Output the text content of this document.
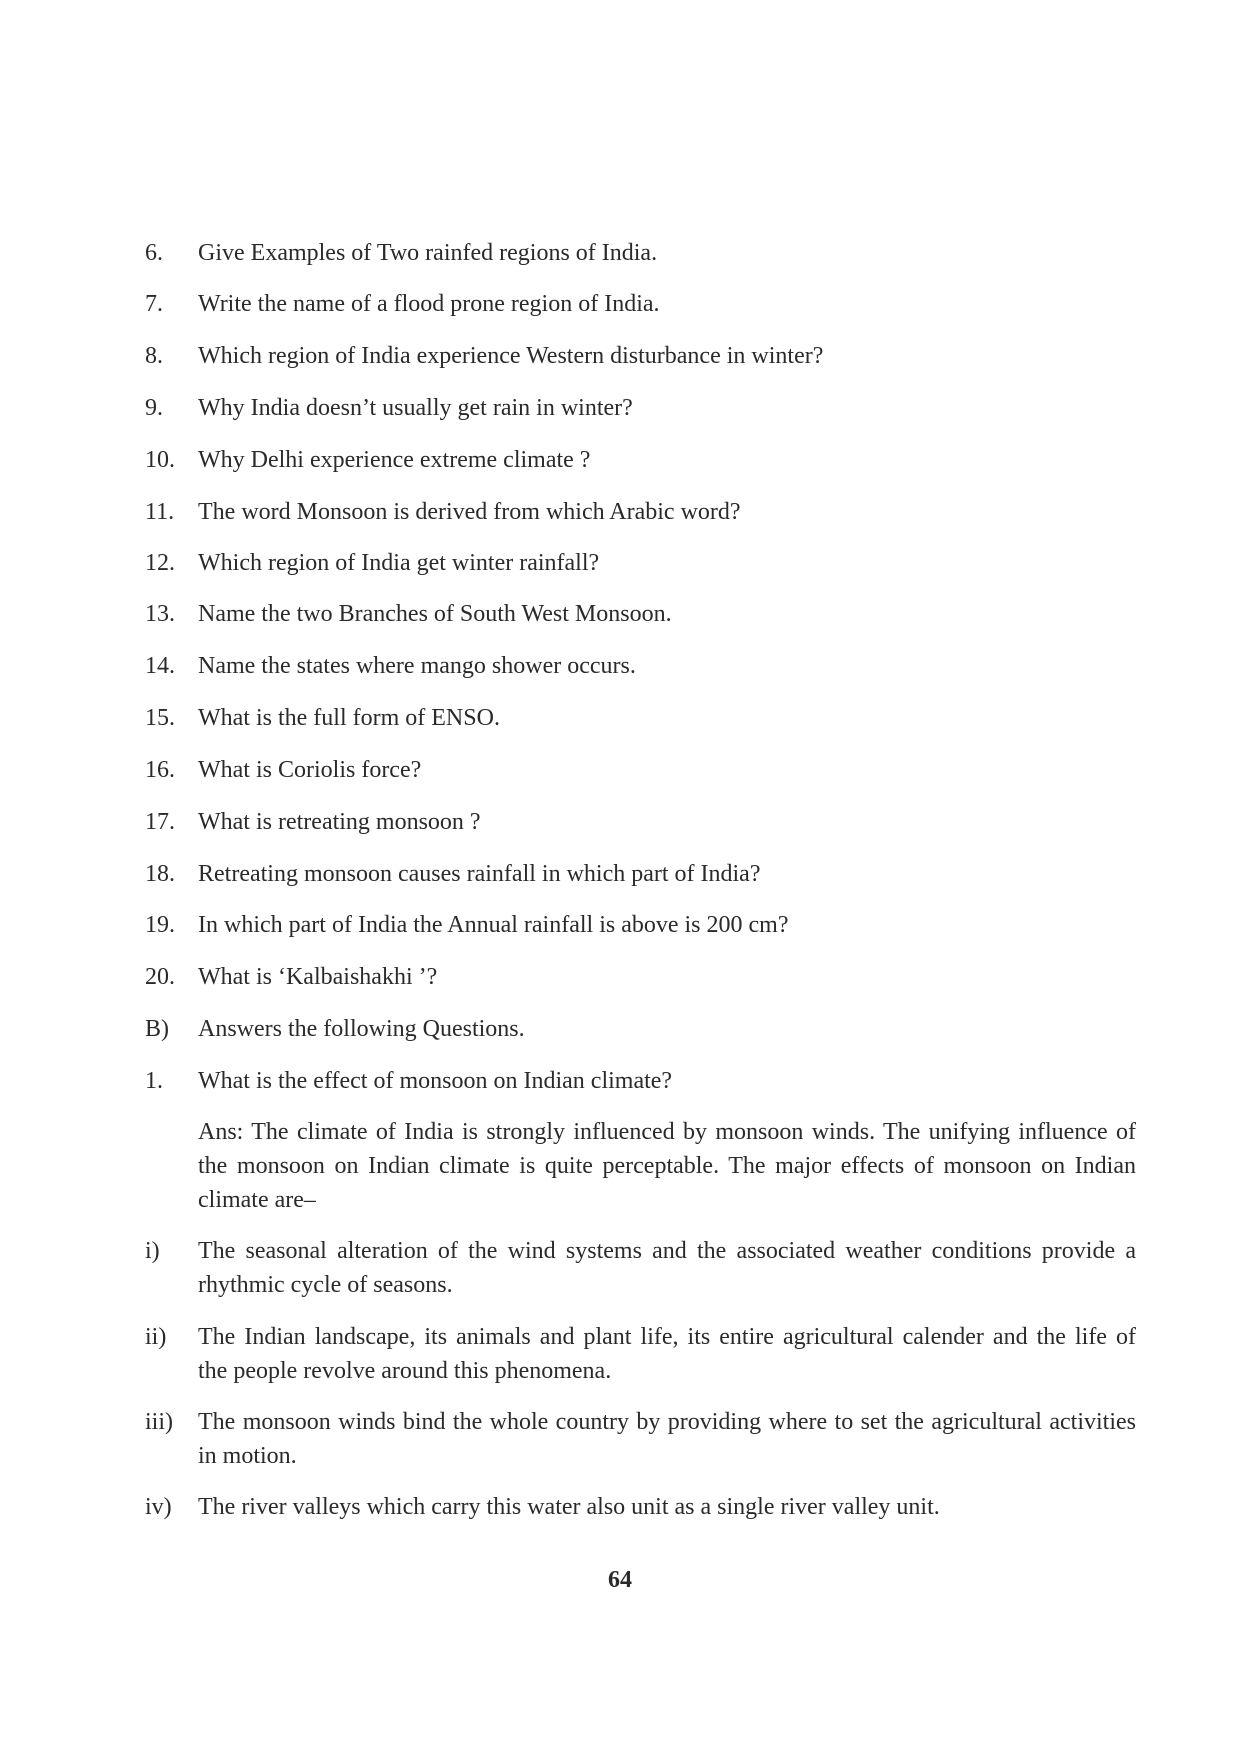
6. Give Examples of Two rainfed regions of India.
7. Write the name of a flood prone region of India.
8. Which region of India experience Western disturbance in winter?
9. Why India doesn’t usually get rain in winter?
10. Why Delhi experience extreme climate ?
11. The word Monsoon is derived from which Arabic word?
12. Which region of India get winter rainfall?
13. Name the two Branches of South West Monsoon.
14. Name the states where mango shower occurs.
15. What is the full form of ENSO.
16. What is Coriolis force?
17. What is retreating monsoon ?
18. Retreating monsoon causes rainfall in which part of India?
19. In which part of India the Annual rainfall is above is 200 cm?
20. What is ‘Kalbaishakhi ’?
B) Answers the following Questions.
1. What is the effect of monsoon on Indian climate?
Ans: The climate of India is strongly influenced by monsoon winds. The unifying influence of
the monsoon on Indian climate is quite perceptable. The major effects of monsoon on Indian
climate are–
i) The seasonal alteration of the wind systems and the associated weather conditions provide a
rhythmic cycle of seasons.
ii) The Indian landscape, its animals and plant life, its entire agricultural calender and the life of
the people revolve around this phenomena.
iii) The monsoon winds bind the whole country by providing where to set the agricultural activities
in motion.
iv) The river valleys which carry this water also unit as a single river valley unit.
64
